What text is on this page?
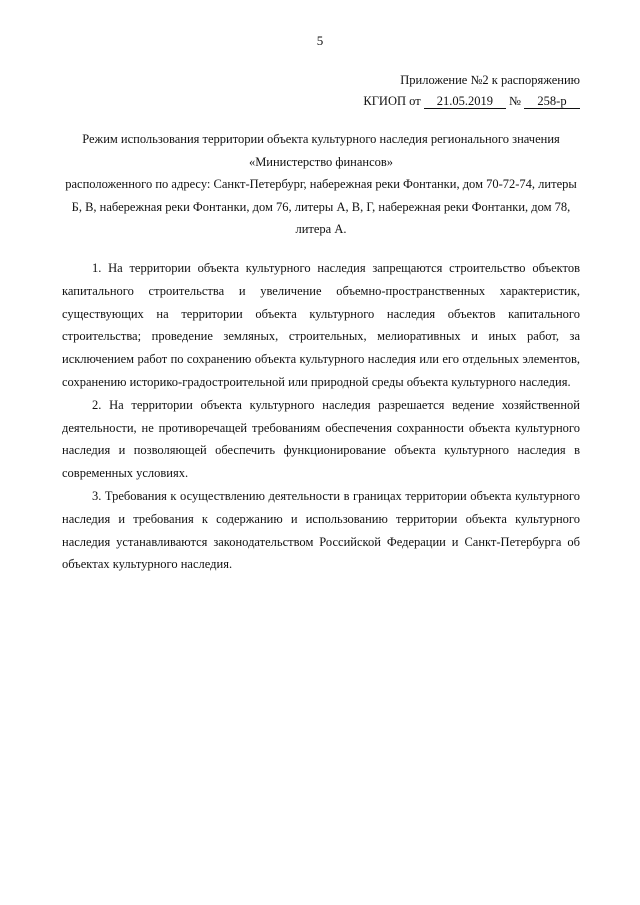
5
Приложение №2 к распоряжению
КГИОП от 21.05.2019 № 258-р
Режим использования территории объекта культурного наследия регионального значения
«Министерство финансов»
расположенного по адресу: Санкт-Петербург, набережная реки Фонтанки, дом 70-72-74, литеры
Б, В, набережная реки Фонтанки, дом 76, литеры А, В, Г, набережная реки Фонтанки, дом 78,
литера А.

1. На территории объекта культурного наследия запрещаются строительство объектов капитального строительства и увеличение объемно-пространственных характеристик, существующих на территории объекта культурного наследия объектов капитального строительства; проведение земляных, строительных, мелиоративных и иных работ, за исключением работ по сохранению объекта культурного наследия или его отдельных элементов, сохранению историко-градостроительной или природной среды объекта культурного наследия.

2. На территории объекта культурного наследия разрешается ведение хозяйственной деятельности, не противоречащей требованиям обеспечения сохранности объекта культурного наследия и позволяющей обеспечить функционирование объекта культурного наследия в современных условиях.

3. Требования к осуществлению деятельности в границах территории объекта культурного наследия и требования к содержанию и использованию территории объекта культурного наследия устанавливаются законодательством Российской Федерации и Санкт-Петербурга об объектах культурного наследия.
